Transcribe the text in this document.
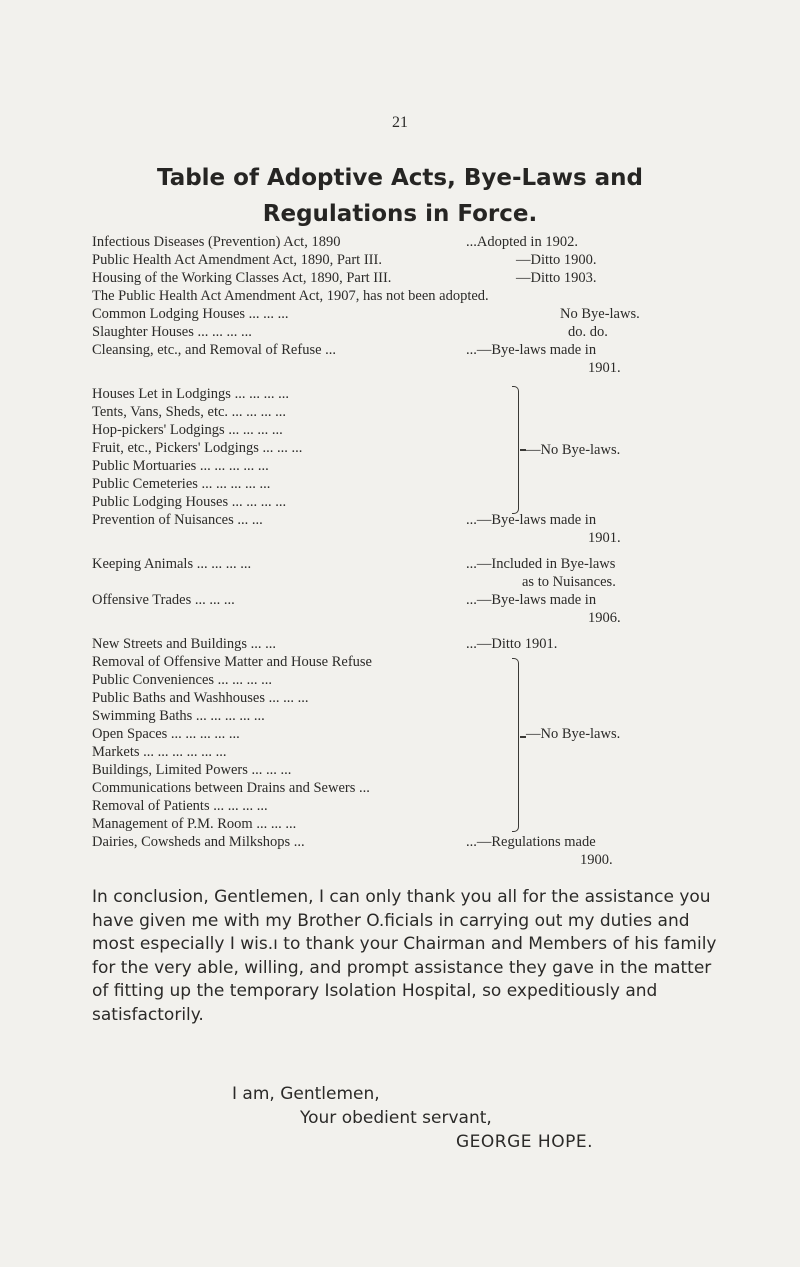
21
Table of Adoptive Acts, Bye-Laws and
Regulations in Force.
Infectious Diseases (Prevention) Act, 1890	...Adopted in 1902.
Public Health Act Amendment Act, 1890, Part III.	—Ditto 1900.
Housing of the Working Classes Act, 1890, Part III.	—Ditto 1903.
The Public Health Act Amendment Act, 1907, has not been adopted.
Common Lodging Houses ... ... ...	No Bye-laws.
Slaughter Houses ... ... ... ...	do. do.
Cleansing, etc., and Removal of Refuse ...	...—Bye-laws made in
1901.
Houses Let in Lodgings ... ... ... ...
Tents, Vans, Sheds, etc. ... ... ... ...
Hop-pickers' Lodgings ... ... ... ...
Fruit, etc., Pickers' Lodgings ... ... ...
Public Mortuaries ... ... ... ... ...
Public Cemeteries ... ... ... ... ...
Public Lodging Houses ... ... ... ...
—No Bye-laws.
Prevention of Nuisances ... ...	...—Bye-laws made in
1901.
Keeping Animals ... ... ... ...	...—Included in Bye-laws
as to Nuisances.
Offensive Trades ... ... ...	...—Bye-laws made in
1906.
New Streets and Buildings ... ...	...—Ditto 1901.
Removal of Offensive Matter and House Refuse
Public Conveniences ... ... ... ...
Public Baths and Washhouses ... ... ...
Swimming Baths ... ... ... ... ...
Open Spaces ... ... ... ... ...
Markets ... ... ... ... ... ...
Buildings, Limited Powers ... ... ...
Communications between Drains and Sewers ...
Removal of Patients ... ... ... ...
Management of P.M. Room ... ... ...
—No Bye-laws.
Dairies, Cowsheds and Milkshops ...	...—Regulations made
1900.

In conclusion, Gentlemen, I can only thank you all for the assistance you have given me with my Brother O.ficials in carrying out my duties and most especially I wis.ı to thank your Chairman and Members of his family for the very able, willing, and prompt assistance they gave in the matter of fitting up the temporary Isolation Hospital, so expeditiously and satisfactorily.

I am, Gentlemen,
Your obedient servant,
GEORGE HOPE.
